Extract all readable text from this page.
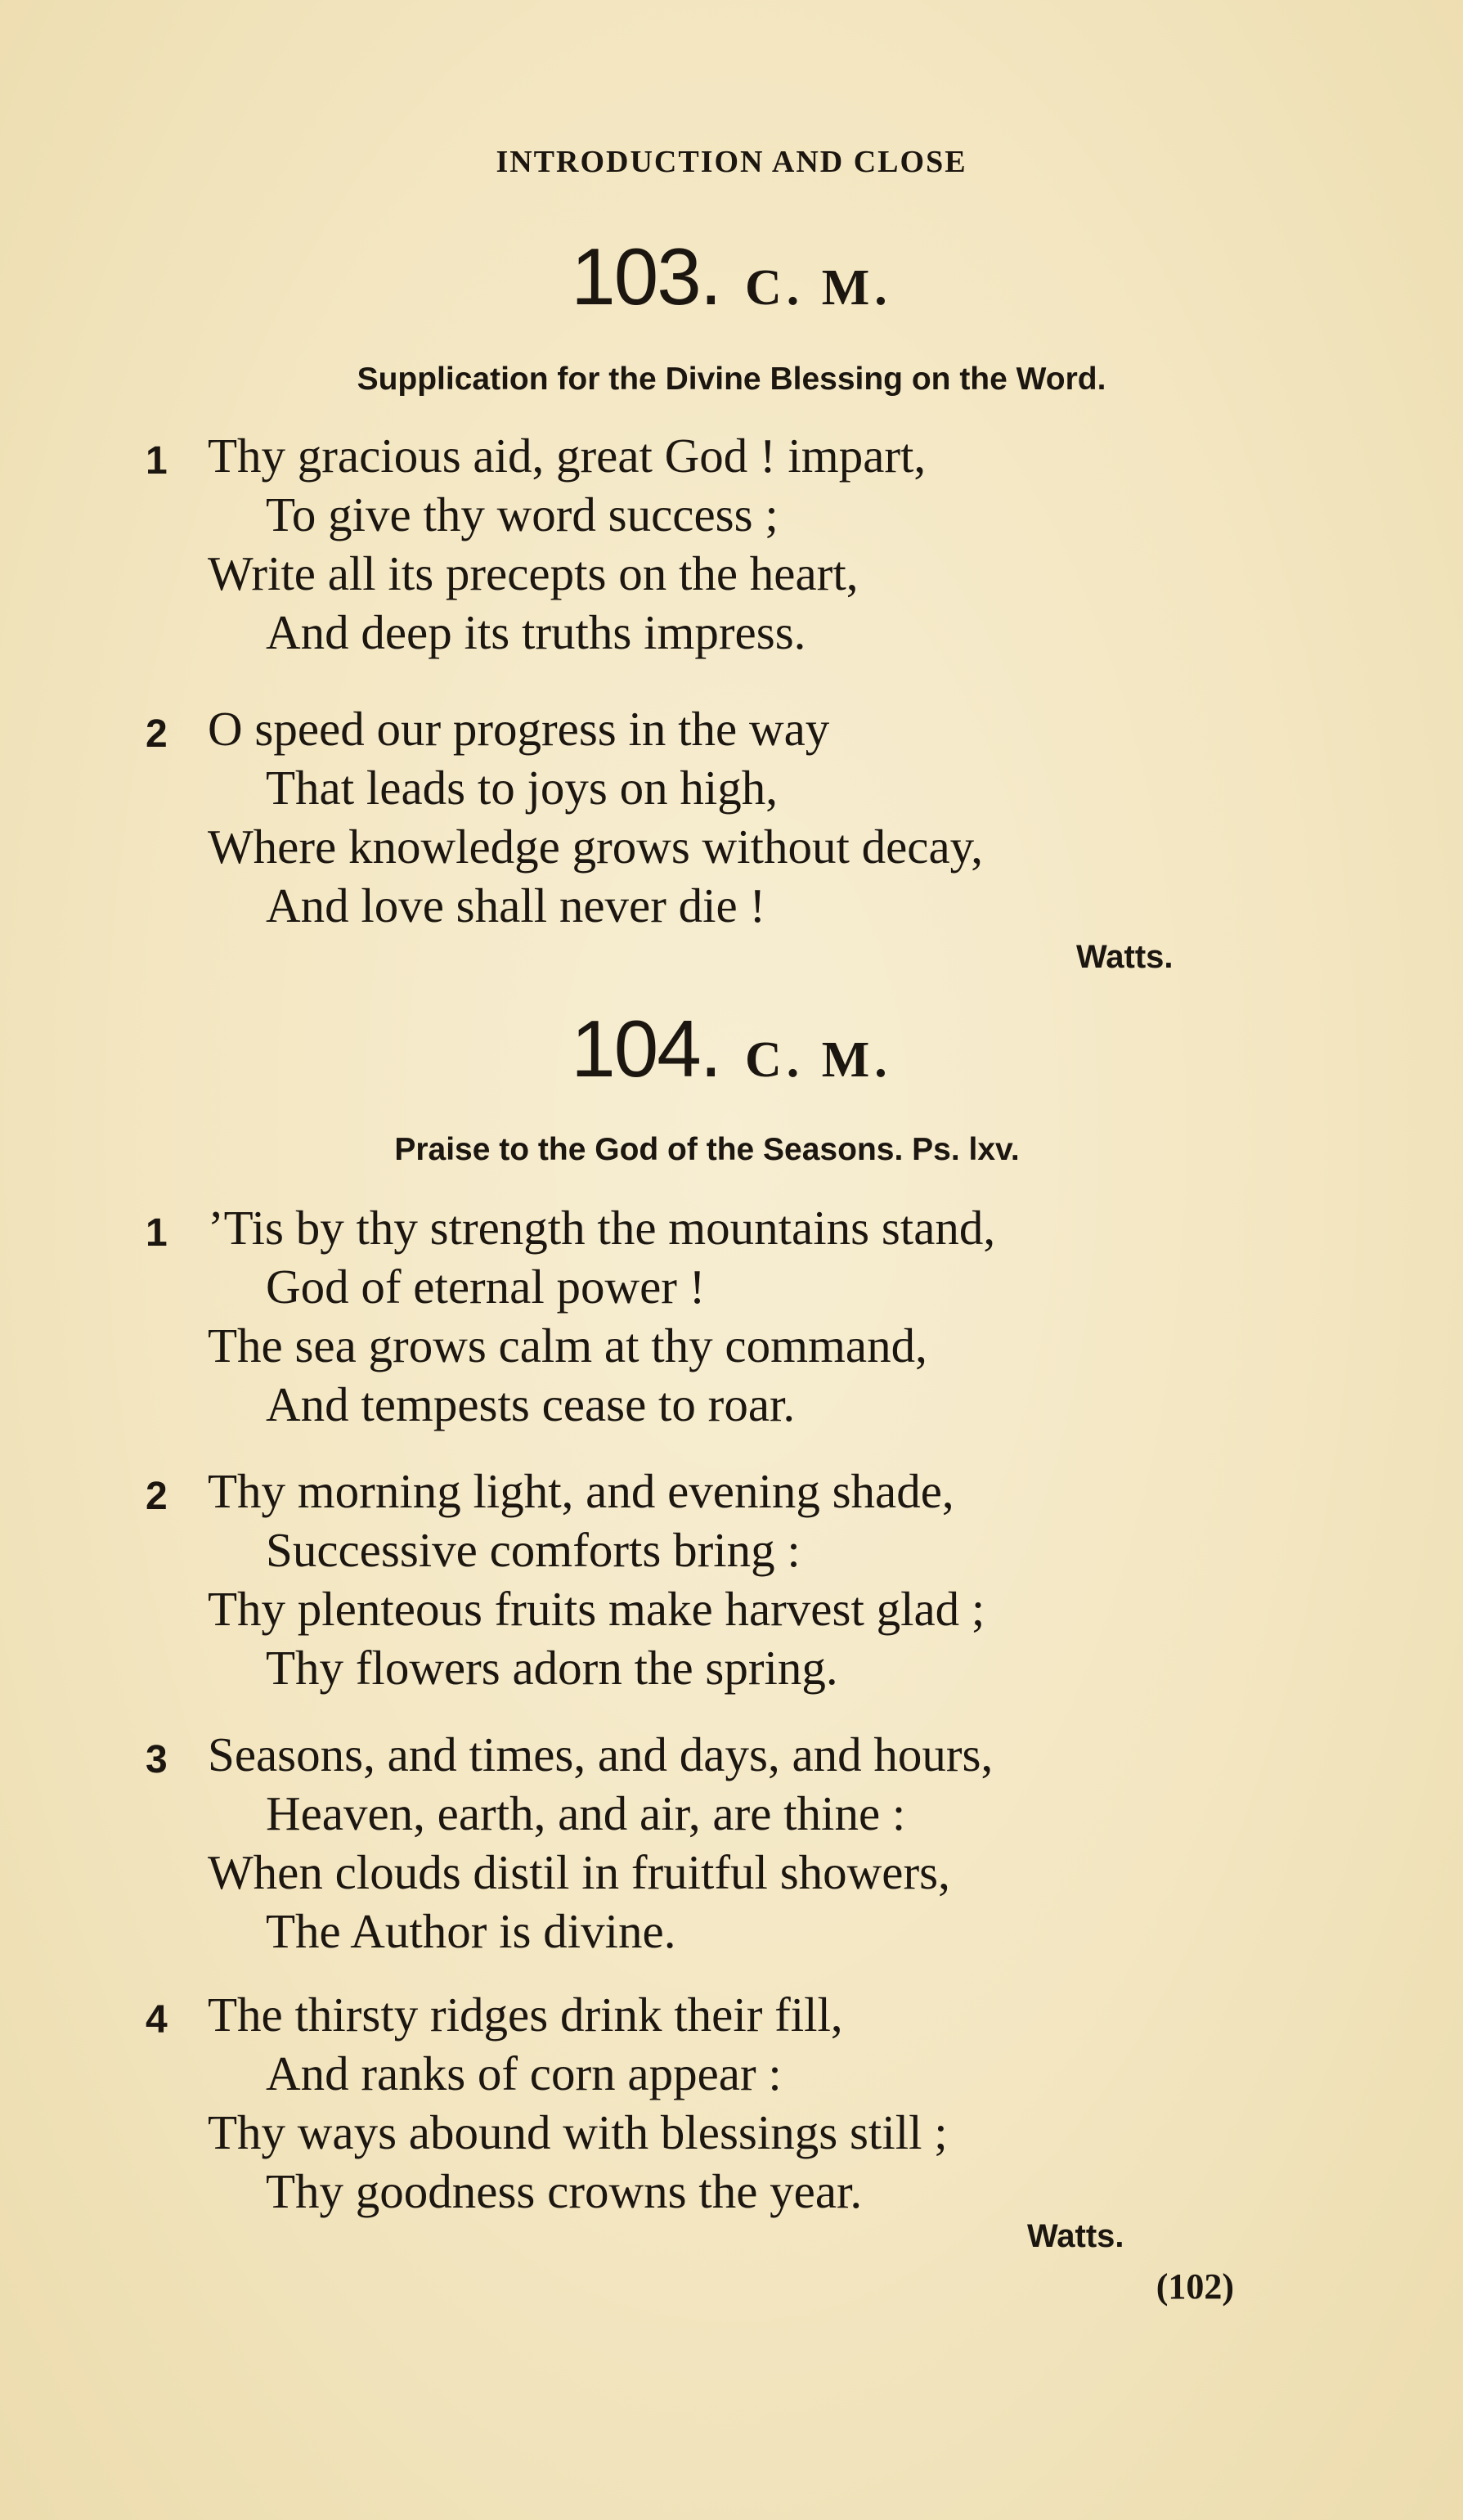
INTRODUCTION AND CLOSE
103. C. M.
Supplication for the Divine Blessing on the Word.
1 Thy gracious aid, great God ! impart,
To give thy word success ;
Write all its precepts on the heart,
And deep its truths impress.
2 O speed our progress in the way
That leads to joys on high,
Where knowledge grows without decay,
And love shall never die !
Watts.
104. C. M.
Praise to the God of the Seasons. Ps. lxv.
1 ’Tis by thy strength the mountains stand,
God of eternal power !
The sea grows calm at thy command,
And tempests cease to roar.
2 Thy morning light, and evening shade,
Successive comforts bring :
Thy plenteous fruits make harvest glad ;
Thy flowers adorn the spring.
3 Seasons, and times, and days, and hours,
Heaven, earth, and air, are thine :
When clouds distil in fruitful showers,
The Author is divine.
4 The thirsty ridges drink their fill,
And ranks of corn appear :
Thy ways abound with blessings still ;
Thy goodness crowns the year.
Watts.
(102)
